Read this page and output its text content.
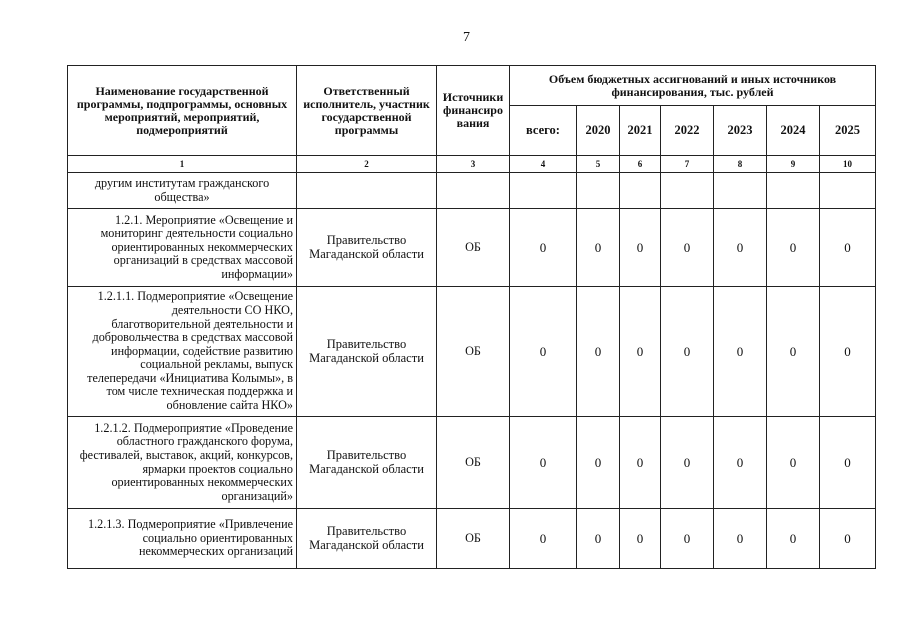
7
Наименование государственной программы, подпрограммы, основных мероприятий, мероприятий, подмероприятий	Ответственный исполнитель, участник государственной программы	Источники финансиро вания	Объем бюджетных ассигнований и иных источников финансирования, тыс. рублей						
			всего:	2020	2021	2022	2023	2024	2025
1	2	3	4	5	6	7	8	9	10
другим институтам гражданского общества»									
1.2.1. Мероприятие «Освещение и мониторинг деятельности социально ориентированных некоммерческих организаций в средствах массовой информации»	Правительство Магаданской области	ОБ	0	0	0	0	0	0	0
1.2.1.1. Подмероприятие «Освещение деятельности СО НКО, благотворительной деятельности и добровольчества в средствах массовой информации, содействие развитию социальной рекламы, выпуск телепередачи «Инициатива Колымы», в том числе техническая поддержка и обновление сайта НКО»	Правительство Магаданской области	ОБ	0	0	0	0	0	0	0
1.2.1.2. Подмероприятие «Проведение областного гражданского форума, фестивалей, выставок, акций, конкурсов, ярмарки проектов социально ориентированных некоммерческих организаций»	Правительство Магаданской области	ОБ	0	0	0	0	0	0	0
1.2.1.3. Подмероприятие «Привлечение социально ориентированных некоммерческих организаций	Правительство Магаданской области	ОБ	0	0	0	0	0	0	0
